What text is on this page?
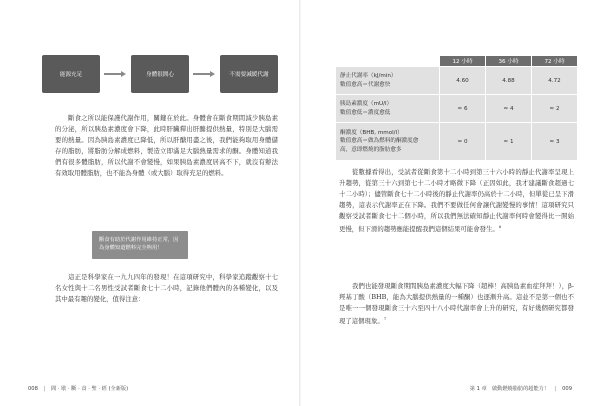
能源充足	身體很開心	不需要減緩代謝

斷食之所以能保護代謝作用，關鍵在於此。身體會在斷食期間減少胰島素的分泌，所以胰島素濃度會下降，此時肝臟釋出肝醣提供熱量，特別是大腦需要的熱量。因為胰島素濃度已降低，所以肝醣用盡之後，我們能夠取用身體儲存的脂肪，將脂肪分解成燃料，製造立即滿足大腦熱量需求的酮。身體知道我們有很多體脂肪，所以代謝不會變慢，如果胰島素濃度居高不下，就沒有辦法有效取用體脂肪，也不能為身體（或大腦）取得充足的燃料。

斷食有助於代謝作用維持正常，因為身體知道燃料完全夠用！

這正是科學家在一九九四年的發現！在這項研究中，科學家追蹤觀察十七名女性與十二名男性受試者斷食七十二小時，記錄他們體內的各種變化，以及其中最有趣的變化，值得注意：

008 | 間 · 歇 · 斷 · 食 · 聖 · 經 (全新版)
	12 小時	36 小時	72 小時
靜止代謝率（kJ/min）
數值愈高＝代謝愈快	4.60	4.88	4.72
胰島素濃度（mU/l）
數值愈低＝濃度愈低	≈ 6	≈ 4	≈ 2
酮濃度（BHB, mmol/l）
數值愈高＝做為燃料的酮濃度愈
高，意即燃燒的脂肪愈多	≈ 0	≈ 1	≈ 3

從數據看得出，受試者從斷食第十二小時到第三十六小時的靜止代謝率呈現上升趨勢，從第三十六到第七十二小時才略微下降（正因如此，我才建議斷食超過七十二小時）；儘管斷食七十二小時後的靜止代謝率仍高於十二小時，但單從已呈下滑趨勢，這表示代謝率正在下降。我們不要做任何會讓代謝變慢的事情！這項研究只觀察受試者斷食七十二個小時，所以我們無法確知靜止代謝率何時會變得比一開始更慢，但下滑的趨勢應能提醒我們這個結果可能會發生。$^6$

我們也能發現斷食期間胰島素濃度大幅下降（超棒！高胰島素血症拜拜！），β-羥基丁酸（BHB，能為大腦提供熱量的一種酮）也逐漸升高。這並不是第一個也不是唯一一個發現斷食三十六至四十八小時代謝率會上升的研究，有好幾個研究都發現了這個現象。$^7$

第 1 章　啟動燃燒脂肪的超能力！ | 009
